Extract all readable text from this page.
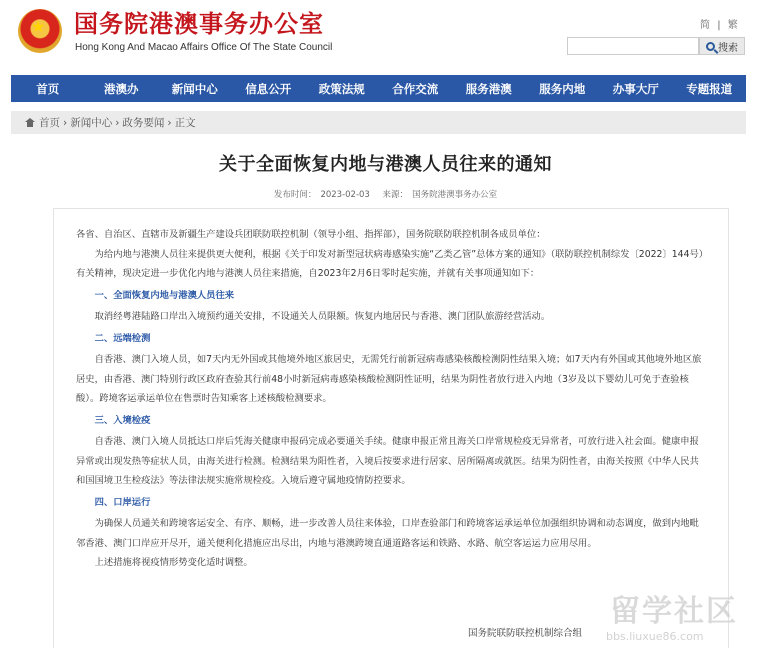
★ 国务院港澳事务办公室
Hong Kong And Macao Affairs Office Of The State Council
简 | 繁
搜索
首页	港澳办	新闻中心	信息公开	政策法规	合作交流	服务港澳	服务内地	办事大厅	专题报道
首页 › 新闻中心 › 政务要闻 › 正文
关于全面恢复内地与港澳人员往来的通知
发布时间： 2023-02-03 来源： 国务院港澳事务办公室

各省、自治区、直辖市及新疆生产建设兵团联防联控机制（领导小组、指挥部），国务院联防联控机制各成员单位：

为给内地与港澳人员往来提供更大便利，根据《关于印发对新型冠状病毒感染实施“乙类乙管”总体方案的通知》（联防联控机制综发〔2022〕144号）有关精神，现决定进一步优化内地与港澳人员往来措施，自2023年2月6日零时起实施，并就有关事项通知如下：

一、全面恢复内地与港澳人员往来

取消经粤港陆路口岸出入境预约通关安排，不设通关人员限额。恢复内地居民与香港、澳门团队旅游经营活动。

二、远端检测

自香港、澳门入境人员，如7天内无外国或其他境外地区旅居史，无需凭行前新冠病毒感染核酸检测阴性结果入境；如7天内有外国或其他境外地区旅居史，由香港、澳门特别行政区政府查验其行前48小时新冠病毒感染核酸检测阴性证明，结果为阴性者放行进入内地（3岁及以下婴幼儿可免于查验核酸）。跨境客运承运单位在售票时告知乘客上述核酸检测要求。

三、入境检疫

自香港、澳门入境人员抵达口岸后凭海关健康申报码完成必要通关手续。健康申报正常且海关口岸常规检疫无异常者，可放行进入社会面。健康申报异常或出现发热等症状人员，由海关进行检测。检测结果为阳性者，入境后按要求进行居家、居所隔离或就医。结果为阴性者，由海关按照《中华人民共和国国境卫生检疫法》等法律法规实施常规检疫。入境后遵守属地疫情防控要求。

四、口岸运行

为确保人员通关和跨境客运安全、有序、顺畅，进一步改善人员往来体验，口岸查验部门和跨境客运承运单位加强组织协调和动态调度，做到内地毗邻香港、澳门口岸应开尽开，通关便利化措施应出尽出，内地与港澳跨境直通道路客运和铁路、水路、航空客运运力应用尽用。

上述措施将视疫情形势变化适时调整。

国务院联防联控机制综合组
留学社区
bbs.liuxue86.com
